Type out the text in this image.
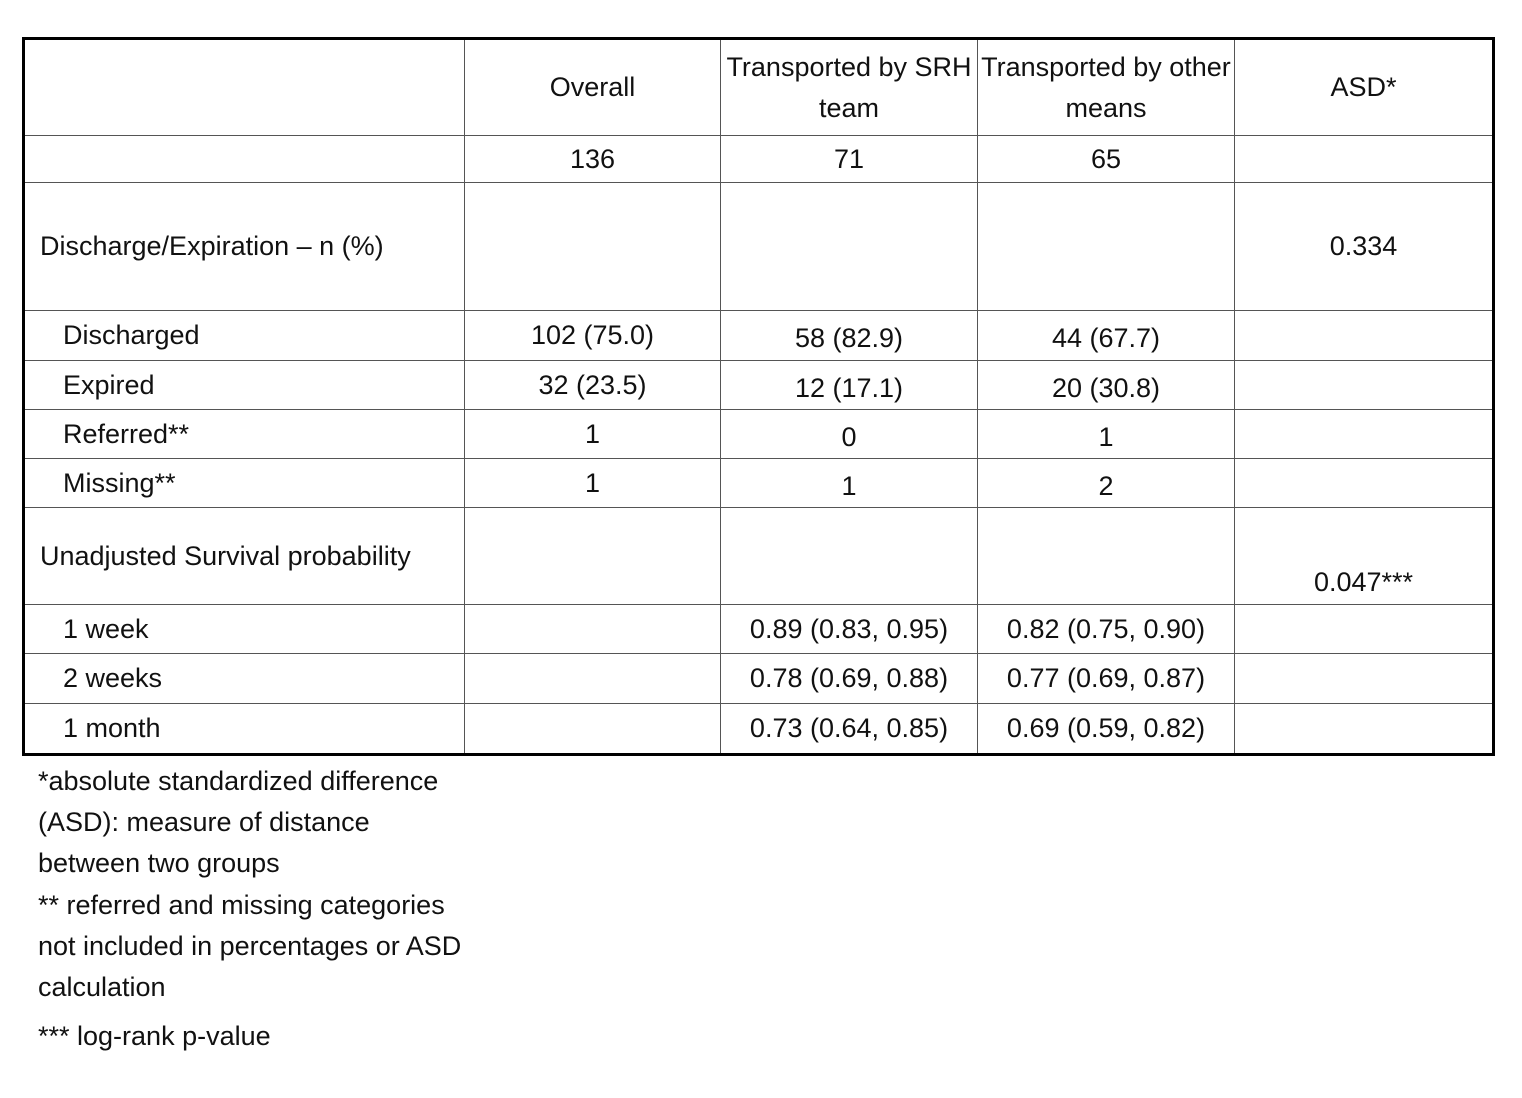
	Overall	Transported by SRH team	Transported by other means	ASD*
	136	71	65	
Discharge/Expiration – n (%)				0.334
Discharged	102 (75.0)	58 (82.9)	44 (67.7)	
Expired	32 (23.5)	12 (17.1)	20 (30.8)	
Referred**	1	0	1	
Missing**	1	1	2	
Unadjusted Survival probability				0.047***
1 week		0.89 (0.83, 0.95)	0.82 (0.75, 0.90)	
2 weeks		0.78 (0.69, 0.88)	0.77 (0.69, 0.87)	
1 month		0.73 (0.64, 0.85)	0.69 (0.59, 0.82)	

*absolute standardized difference (ASD): measure of distance between two groups

** referred and missing categories not included in percentages or ASD calculation

*** log-rank p-value
